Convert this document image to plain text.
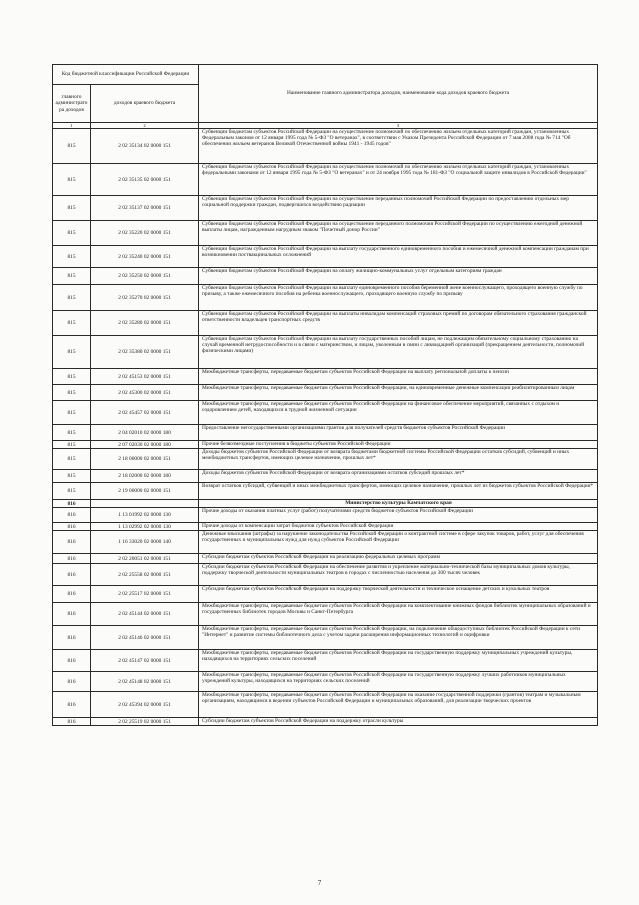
Код бюджетной классификации Российской Федерации		Наименование главного администратора доходов, наименование кода доходов краевого бюджета
главного администратора доходов	доходов краевого бюджета	
1	2	3
815	2 02 35134 02 0000 151	Субвенции бюджетам субъектов Российской Федерации на осуществление полномочий по обеспечению жильем отдельных категорий граждан, установленных Федеральным законом от 12 января 1995 года № 5-ФЗ "О ветеранах", в соответствии с Указом Президента Российской Федерации от 7 мая 2008 года № 714 "Об обеспечении жильем ветеранов Великой Отечественной войны 1941 - 1945 годов"
815	2 02 35135 02 0000 151	Субвенции бюджетам субъектов Российской Федерации на осуществление полномочий по обеспечению жильем отдельных категорий граждан, установленных федеральными законами от 12 января 1995 года № 5-ФЗ "О ветеранах" и от 24 ноября 1995 года № 181-ФЗ "О социальной защите инвалидов в Российской Федерации"
815	2 02 35137 02 0000 151	Субвенции бюджетам субъектов Российской Федерации на осуществление переданных полномочий Российской Федерации по предоставлению отдельных мер социальной поддержки граждан, подвергшихся воздействию радиации
815	2 02 35220 02 0000 151	Субвенции бюджетам субъектов Российской Федерации на осуществление переданного полномочия Российской Федерации по осуществлению ежегодной денежной выплаты лицам, награжденным нагрудным знаком "Почетный донор России"
815	2 02 35240 02 0000 151	Субвенции бюджетам субъектов Российской Федерации на выплату государственного единовременного пособия и ежемесячной денежной компенсации гражданам при возникновении поствакцинальных осложнений
815	2 02 35250 02 0000 151	Субвенции бюджетам субъектов Российской Федерации на оплату жилищно-коммунальных услуг отдельным категориям граждан
815	2 02 35270 02 0000 151	Субвенции бюджетам субъектов Российской Федерации на выплату единовременного пособия беременной жене военнослужащего, проходящего военную службу по призыву, а также ежемесячного пособия на ребенка военнослужащего, проходящего военную службу по призыву
815	2 02 35280 02 0000 151	Субвенции бюджетам субъектов Российской Федерации на выплаты инвалидам компенсаций страховых премий по договорам обязательного страхования гражданской ответственности владельцев транспортных средств
815	2 02 35380 02 0000 151	Субвенции бюджетам субъектов Российской Федерации на выплату государственных пособий лицам, не подлежащим обязательному социальному страхованию на случай временной нетрудоспособности и в связи с материнством, и лицам, уволенным в связи с ликвидацией организаций (прекращением деятельности, полномочий физическими лицами)
815	2 02 45153 02 0000 151	Межбюджетные трансферты, передаваемые бюджетам субъектов Российской Федерации на выплату региональной доплаты к пенсии
815	2 02 45300 02 0000 151	Межбюджетные трансферты, передаваемые бюджетам субъектов Российской Федерации, на единовременные денежные компенсации реабилитированным лицам
815	2 02 45457 02 0000 151	Межбюджетные трансферты, передаваемые бюджетам субъектов Российской Федерации на финансовое обеспечение мероприятий, связанных с отдыхом и оздоровлением детей, находящихся в трудной жизненной ситуации
815	2 04 02010 02 0000 180	Предоставление негосударственными организациями грантов для получателей средств бюджетов субъектов Российской Федерации
815	2 07 02030 02 0000 180	Прочие безвозмездные поступления в бюджеты субъектов Российской Федерации
815	2 18 00000 02 0000 151	Доходы бюджетов субъектов Российской Федерации от возврата бюджетами бюджетной системы Российской Федерации остатков субсидий, субвенций и иных межбюджетных трансфертов, имеющих целевое назначение, прошлых лет*
815	2 18 02000 02 0000 180	Доходы бюджетов субъектов Российской Федерации от возврата организациями остатков субсидий прошлых лет*
815	2 19 00000 02 0000 151	Возврат остатков субсидий, субвенций и иных межбюджетных трансфертов, имеющих целевое назначение, прошлых лет из бюджетов субъектов Российской Федерации*
816		Министерство культуры Камчатского края
816	1 13 01992 02 0000 130	Прочие доходы от оказания платных услуг (работ) получателями средств бюджетов субъектов Российской Федерации
816	1 13 02992 02 0000 130	Прочие доходы от компенсации затрат бюджетов субъектов Российской Федерации
816	1 16 33020 02 0000 140	Денежные взыскания (штрафы) за нарушение законодательства Российской Федерации о контрактной системе в сфере закупок товаров, работ, услуг для обеспечения государственных и муниципальных нужд для нужд субъектов Российской Федерации
816	2 02 20051 02 0000 151	Субсидии бюджетам субъектов Российской Федерации на реализацию федеральных целевых программ
816	2 02 25558 02 0000 151	Субсидии бюджетам субъектов Российской Федерации на обеспечение развития и укрепление материально-технической базы муниципальных домов культуры, поддержку творческой деятельности муниципальных театров в городах с численностью населения до 300 тысяч человек
816	2 02 25517 02 0000 151	Субсидии бюджетам субъектов Российской Федерации на поддержку творческой деятельности и техническое оснащение детских и кукольных театров
816	2 02 45144 02 0000 151	Межбюджетные трансферты, передаваемые бюджетам субъектов Российской Федерации на комплектование книжных фондов библиотек муниципальных образований и государственных библиотек городов Москвы и Санкт-Петербурга
816	2 02 45146 02 0000 151	Межбюджетные трансферты, передаваемые бюджетам субъектов Российской Федерации, на подключение общедоступных библиотек Российской Федерации к сети "Интернет" и развитие системы библиотечного дела с учетом задачи расширения информационных технологий и оцифровки
816	2 02 45147 02 0000 151	Межбюджетные трансферты, передаваемые бюджетам субъектов Российской Федерации на государственную поддержку муниципальных учреждений культуры, находящихся на территориях сельских поселений
816	2 02 45148 02 0000 151	Межбюджетные трансферты, передаваемые бюджетам субъектов Российской Федерации на государственную поддержку лучших работников муниципальных учреждений культуры, находящихся на территориях сельских поселений
816	2 02 45394 02 0000 151	Межбюджетные трансферты, передаваемые бюджетам субъектов Российской Федерации на оказание государственной поддержки (грантов) театрам и музыкальным организациям, находящимся в ведении субъектов Российской Федерации и муниципальных образований, для реализации творческих проектов
816	2 02 25519 02 0000 151	Субсидии бюджетам субъектов Российской Федерации на поддержку отрасли культуры
7
